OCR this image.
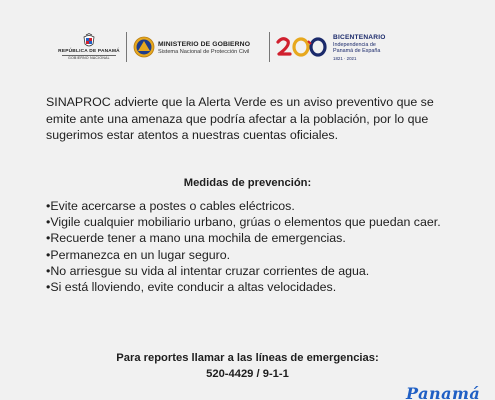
REPÚBLICA DE PANAMÁ
GOBIERNO NACIONAL
MINISTERIO DE GOBIERNO
Sistema Nacional de Protección Civil
BICENTENARIO
Independencia de
Panamá de España
1821 · 2021

SINAPROC advierte que la Alerta Verde es un aviso preventivo que se emite ante una amenaza que podría afectar a la población, por lo que sugerimos estar atentos a nuestras cuentas oficiales.

Medidas de prevención:
•Evite acercarse a postes o cables eléctricos.
•Vigile cualquier mobiliario urbano, grúas o elementos que puedan caer.
•Recuerde tener a mano una mochila de emergencias.
•Permanezca en un lugar seguro.
•No arriesgue su vida al intentar cruzar corrientes de agua.
•Si está lloviendo, evite conducir a altas velocidades.
Para reportes llamar a las líneas de emergencias:
520-4429 / 9-1-1
Panamá
